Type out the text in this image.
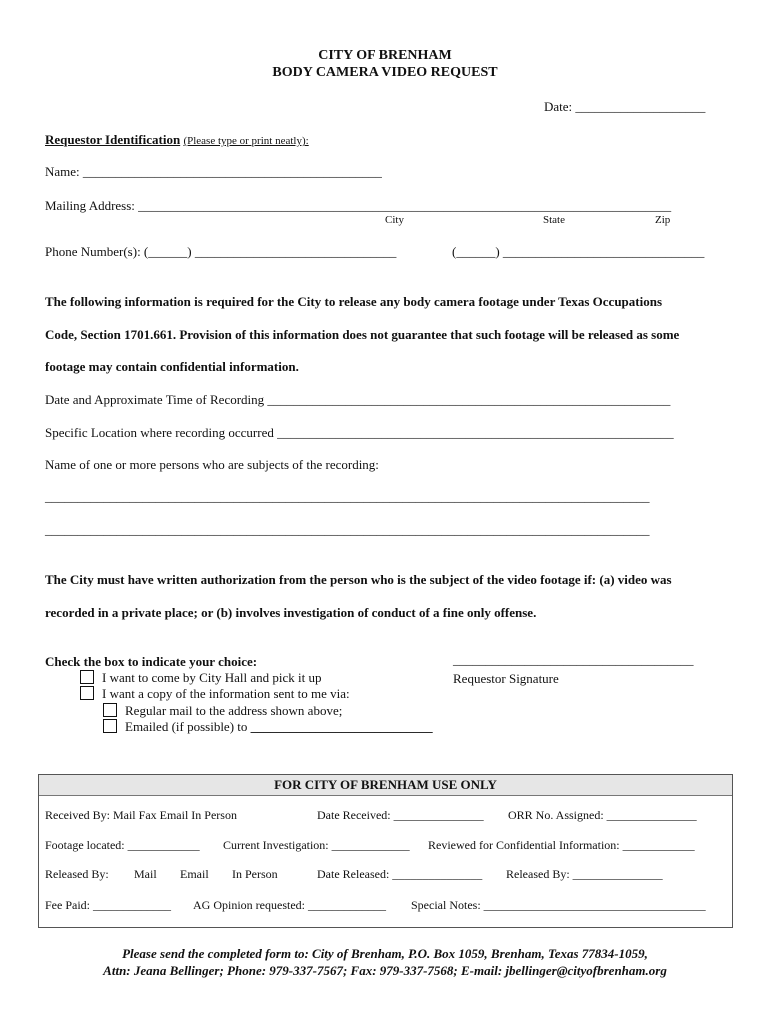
CITY OF BRENHAM
BODY CAMERA VIDEO REQUEST
Date: ____________________
Requestor Identification (Please type or print neatly):
Name: ______________________________________________
Mailing Address: __________________________________________________________________________________
City	State	Zip
Phone Number(s): (______) _______________________________	(______) _______________________________
The following information is required for the City to release any body camera footage under Texas Occupations
Code, Section 1701.661. Provision of this information does not guarantee that such footage will be released as some
footage may contain confidential information.
Date and Approximate Time of Recording ______________________________________________________________
Specific Location where recording occurred _____________________________________________________________
Name of one or more persons who are subjects of the recording:
_____________________________________________________________________________________________
_____________________________________________________________________________________________
The City must have written authorization from the person who is the subject of the video footage if: (a) video was
recorded in a private place; or (b) involves investigation of conduct of a fine only offense.
Check the box to indicate your choice:
I want to come by City Hall and pick it up
I want a copy of the information sent to me via:
Regular mail to the address shown above;
Emailed (if possible) to ____________________________
_____________________________________
Requestor Signature
FOR CITY OF BRENHAM USE ONLY
Received By: Mail Fax Email In Person	Date Received: _______________ ORR No. Assigned: _______________
Footage located: ____________ Current Investigation: _____________ Reviewed for Confidential Information: ____________
Released By: Mail Email In Person	Date Released: _______________ Released By: _______________
Fee Paid: _____________ AG Opinion requested: _____________ Special Notes: _____________________________________
Please send the completed form to: City of Brenham, P.O. Box 1059, Brenham, Texas 77834-1059,
Attn: Jeana Bellinger; Phone: 979-337-7567; Fax: 979-337-7568; E-mail: jbellinger@cityofbrenham.org
